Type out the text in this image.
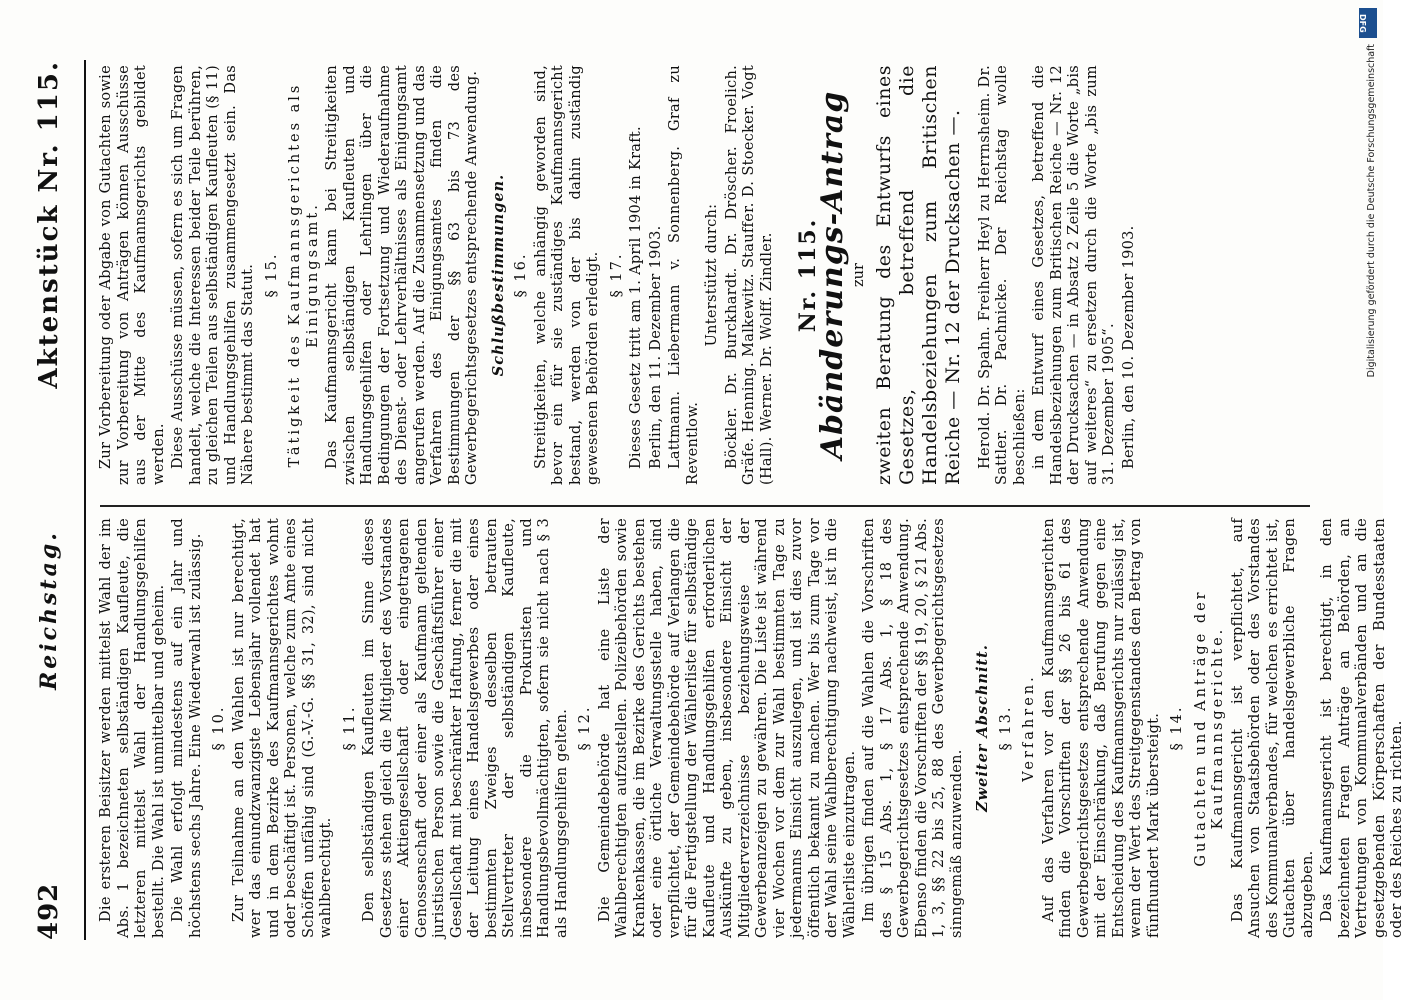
492
Reichstag.
Aktenstück Nr. 115.

Die ersteren Beisitzer werden mittelst Wahl der im Abs. 1 bezeichneten selbständigen Kaufleute, die letzteren mittelst Wahl der Handlungsgehilfen bestellt. Die Wahl ist unmittelbar und geheim. Die Wahl erfolgt mindestens auf ein Jahr und höchstens sechs Jahre. Eine Wiederwahl ist zulässig. § 10. Zur Teilnahme an den Wahlen ist nur berechtigt, wer das einundzwanzigste Lebensjahr vollendet hat und in dem Bezirke des Kaufmannsgerichtes wohnt oder beschäftigt ist. Personen, welche zum Amte eines Schöffen unfähig sind (G.-V.-G. §§ 31, 32), sind nicht wahlberechtigt.

§ 11. Den selbständigen Kaufleuten im Sinne dieses Gesetzes stehen gleich die Mitglieder des Vorstandes einer Aktiengesellschaft oder eingetragenen Genossenschaft oder einer als Kaufmann geltenden juristischen Person sowie die Geschäftsführer einer Gesellschaft mit beschränkter Haftung, ferner die mit der Leitung eines Handelsgewerbes oder eines bestimmten Zweiges desselben betrauten Stellvertreter der selbständigen Kaufleute, insbesondere die Prokuristen und Handlungsbevollmächtigten, sofern sie nicht nach § 3 als Handlungsgehilfen gelten. § 12. Die Gemeindebehörde hat eine Liste der Wahlberechtigten aufzustellen. Polizeibehörden sowie Krankenkassen, die im Bezirke des Gerichts bestehen oder eine örtliche Verwaltungsstelle haben, sind verpflichtet, der Gemeindebehörde auf Verlangen die für die Fertigstellung der Wählerliste für selbständige Kaufleute und Handlungsgehilfen erforderlichen Auskünfte zu geben, insbesondere Einsicht der Mitgliederverzeichnisse beziehungsweise der Gewerbeanzeigen zu gewähren. Die Liste ist während vier Wochen vor dem zur Wahl bestimmten Tage zu jedermanns Einsicht auszulegen, und ist dies zuvor öffentlich bekannt zu machen. Wer bis zum Tage vor der Wahl seine Wahlberechtigung nachweist, ist in die Wählerliste einzutragen. Im übrigen finden auf die Wahlen die Vorschriften des § 15 Abs. 1, § 17 Abs. 1, § 18 des Gewerbegerichtsgesetzes entsprechende Anwendung. Ebenso finden die Vorschriften der §§ 19, 20, § 21 Abs. 1, 3, §§ 22 bis 25, 88 des Gewerbegerichtsgesetzes sinngemäß anzuwenden.

Zweiter Abschnitt. § 13. Verfahren. Auf das Verfahren vor den Kaufmannsgerichten finden die Vorschriften der §§ 26 bis 61 des Gewerbegerichtsgesetzes entsprechende Anwendung mit der Einschränkung, daß Berufung gegen eine Entscheidung des Kaufmannsgerichts nur zulässig ist, wenn der Wert des Streitgegenstandes den Betrag von fünfhundert Mark übersteigt. § 14. Gutachten und Anträge der Kaufmannsgerichte. Das Kaufmannsgericht ist verpflichtet, auf Ansuchen von Staatsbehörden oder des Vorstandes des Kommunalverbandes, für welchen es errichtet ist, Gutachten über handelsgewerbliche Fragen abzugeben. Das Kaufmannsgericht ist berechtigt, in den bezeichneten Fragen Anträge an Behörden, an Vertretungen von Kommunalverbänden und an die gesetzgebenden Körperschaften der Bundesstaaten oder des Reiches zu richten.

Zur Vorbereitung oder Abgabe von Gutachten sowie zur Vorbereitung von Anträgen können Ausschüsse aus der Mitte des Kaufmannsgerichts gebildet werden. Diese Ausschüsse müssen, sofern es sich um Fragen handelt, welche die Interessen beider Teile berühren, zu gleichen Teilen aus selbständigen Kaufleuten (§ 11) und Handlungsgehilfen zusammengesetzt sein. Das Nähere bestimmt das Statut. § 15. Tätigkeit des Kaufmannsgerichtes als Einigungsamt. Das Kaufmannsgericht kann bei Streitigkeiten zwischen selbständigen Kaufleuten und Handlungsgehilfen oder Lehrlingen über die Bedingungen der Fortsetzung und Wiederaufnahme des Dienst- oder Lehrverhältnisses als Einigungsamt angerufen werden. Auf die Zusammensetzung und das Verfahren des Einigungsamtes finden die Bestimmungen der §§ 63 bis 73 des Gewerbegerichtsgesetzes entsprechende Anwendung. Schlußbestimmungen. § 16. Streitigkeiten, welche anhängig geworden sind, bevor ein für sie zuständiges Kaufmannsgericht bestand, werden von der bis dahin zuständig gewesenen Behörden erledigt. § 17. Dieses Gesetz tritt am 1. April 1904 in Kraft. Berlin, den 11. Dezember 1903. Lattmann. Liebermann v. Sonnenberg. Graf zu Reventlow.

Unterstützt durch: Böckler. Dr. Burckhardt. Dr. Dröscher. Froelich. Gräfe. Henning. Malkewitz. Stauffer. D. Stoecker. Vogt (Hall). Werner. Dr. Wolff. Zindler. Nr. 115.
Abänderungs-Antrag zur zweiten Beratung des Entwurfs eines Gesetzes, betreffend die Handelsbeziehungen zum Britischen Reiche — Nr. 12 der Drucksachen —. Herold. Dr. Spahn. Freiherr Heyl zu Herrnsheim. Dr. Sattler. Dr. Pachnicke. Der Reichstag wolle beschließen: in dem Entwurf eines Gesetzes, betreffend die Handelsbeziehungen zum Britischen Reiche — Nr. 12 der Drucksachen — in Absatz 2 Zeile 5 die Worte „bis auf weiteres“ zu ersetzen durch die Worte „bis zum 31. Dezember 1905“. Berlin, den 10. Dezember 1903.

DFG
Digitalisierung gefördert durch die Deutsche Forschungsgemeinschaft
